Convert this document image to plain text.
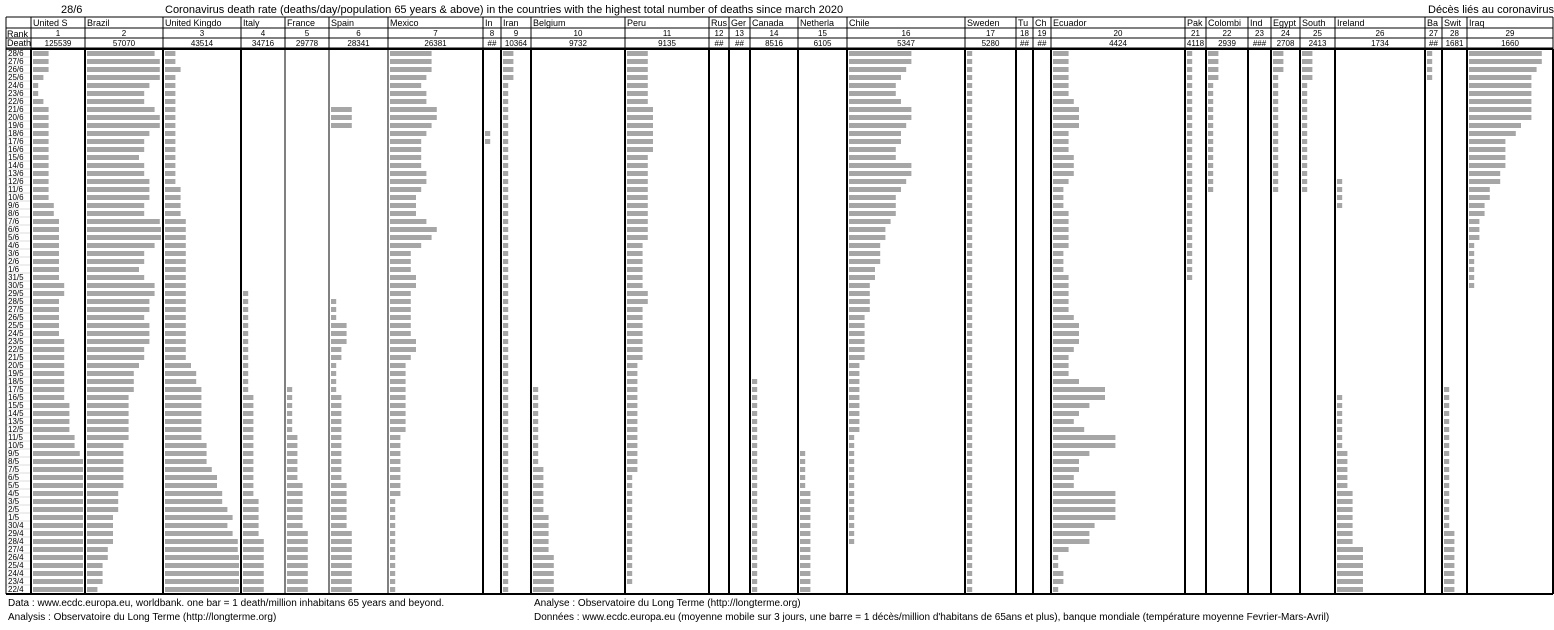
28/6	Coronavirus death rate (deaths/day/population 65 years & above) in the countries with the highest total number of deaths since march 2020	Décès liés au coronavirus
Rank
Death
28/6
27/6
26/6
25/6
24/6
23/6
22/6
21/6
20/6
19/6
18/6
17/6
16/6
15/6
14/6
13/6
12/6
11/6
10/6
9/6
8/6
7/6
6/6
5/6
4/6
3/6
2/6
1/6
31/5
30/5
29/5
28/5
27/5
26/5
25/5
24/5
23/5
22/5
21/5
20/5
19/5
18/5
17/5
16/5
15/5
14/5
13/5
12/5
11/5
10/5
9/5
8/5
7/5
6/5
5/5
4/5
3/5
2/5
1/5
30/4
29/4
28/4
27/4
26/4
25/4
24/4
23/4
22/4
United S
1
125539
Brazil
2
57070
United Kingdo
3
43514
Italy
4
34716
France
5
29778
Spain
6
28341
Mexico
7
26381
In
8
##
Iran
9
10364
Belgium
10
9732
Peru
11
9135
Rus
12
##
Ger
13
##
Canada
14
8516
Netherla
15
6105
Chile
16
5347
Sweden
17
5280
Tu
18
##
Ch
19
##
Ecuador
20
4424
Pak
21
4118
Colombi
22
2939
Ind
23
###
Egypt
24
2708
South
25
2413
Ireland
26
1734
Ba
27
##
Swit
28
1681
Iraq
29
1660
Data : www.ecdc.europa.eu, worldbank. one bar = 1 death/million inhabitans 65 years and beyond.
Analysis : Observatoire du Long Terme (http://longterme.org)
Analyse : Observatoire du Long Terme (http://longterme.org)
Données : www.ecdc.europa.eu (moyenne mobile sur 3 jours, une barre = 1 décès/million d'habitans de 65ans et plus), banque mondiale (température moyenne Fevrier-Mars-Avril)
